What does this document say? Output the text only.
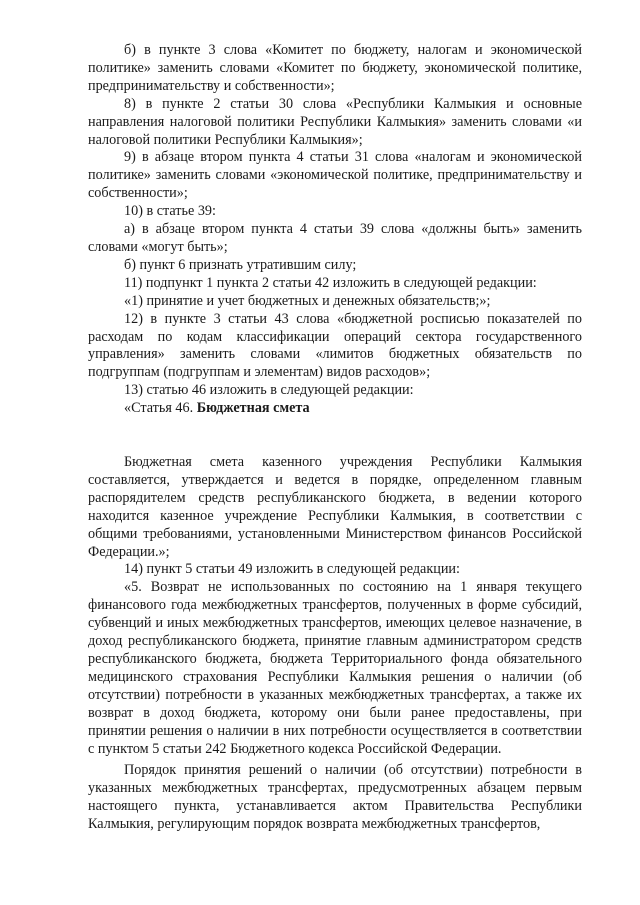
б) в пункте 3 слова «Комитет по бюджету, налогам и экономической политике» заменить словами «Комитет по бюджету, экономической политике, предпринимательству и собственности»;

8) в пункте 2 статьи 30 слова «Республики Калмыкия и основные направления налоговой политики Республики Калмыкия» заменить словами «и налоговой политики Республики Калмыкия»;

9) в абзаце втором пункта 4 статьи 31 слова «налогам и экономической политике» заменить словами «экономической политике, предпринимательству и собственности»;

10) в статье 39:

а) в абзаце втором пункта 4 статьи 39 слова «должны быть» заменить словами «могут быть»;

б) пункт 6 признать утратившим силу;

11) подпункт 1 пункта 2 статьи 42 изложить в следующей редакции:

«1) принятие и учет бюджетных и денежных обязательств;»;

12) в пункте 3 статьи 43 слова «бюджетной росписью показателей по расходам по кодам классификации операций сектора государственного управления» заменить словами «лимитов бюджетных обязательств по подгруппам (подгруппам и элементам) видов расходов»;

13) статью 46 изложить в следующей редакции:

«Статья 46. Бюджетная смета

Бюджетная смета казенного учреждения Республики Калмыкия составляется, утверждается и ведется в порядке, определенном главным распорядителем средств республиканского бюджета, в ведении которого находится казенное учреждение Республики Калмыкия, в соответствии с общими требованиями, установленными Министерством финансов Российской Федерации.»;

14) пункт 5 статьи 49 изложить в следующей редакции:

«5. Возврат не использованных по состоянию на 1 января текущего финансового года межбюджетных трансфертов, полученных в форме субсидий, субвенций и иных межбюджетных трансфертов, имеющих целевое назначение, в доход республиканского бюджета, принятие главным администратором средств республиканского бюджета, бюджета Территориального фонда обязательного медицинского страхования Республики Калмыкия решения о наличии (об отсутствии) потребности в указанных межбюджетных трансфертах, а также их возврат в доход бюджета, которому они были ранее предоставлены, при принятии решения о наличии в них потребности осуществляется в соответствии с пунктом 5 статьи 242 Бюджетного кодекса Российской Федерации.

Порядок принятия решений о наличии (об отсутствии) потребности в указанных межбюджетных трансфертах, предусмотренных абзацем первым настоящего пункта, устанавливается актом Правительства Республики Калмыкия, регулирующим порядок возврата межбюджетных трансфертов,
